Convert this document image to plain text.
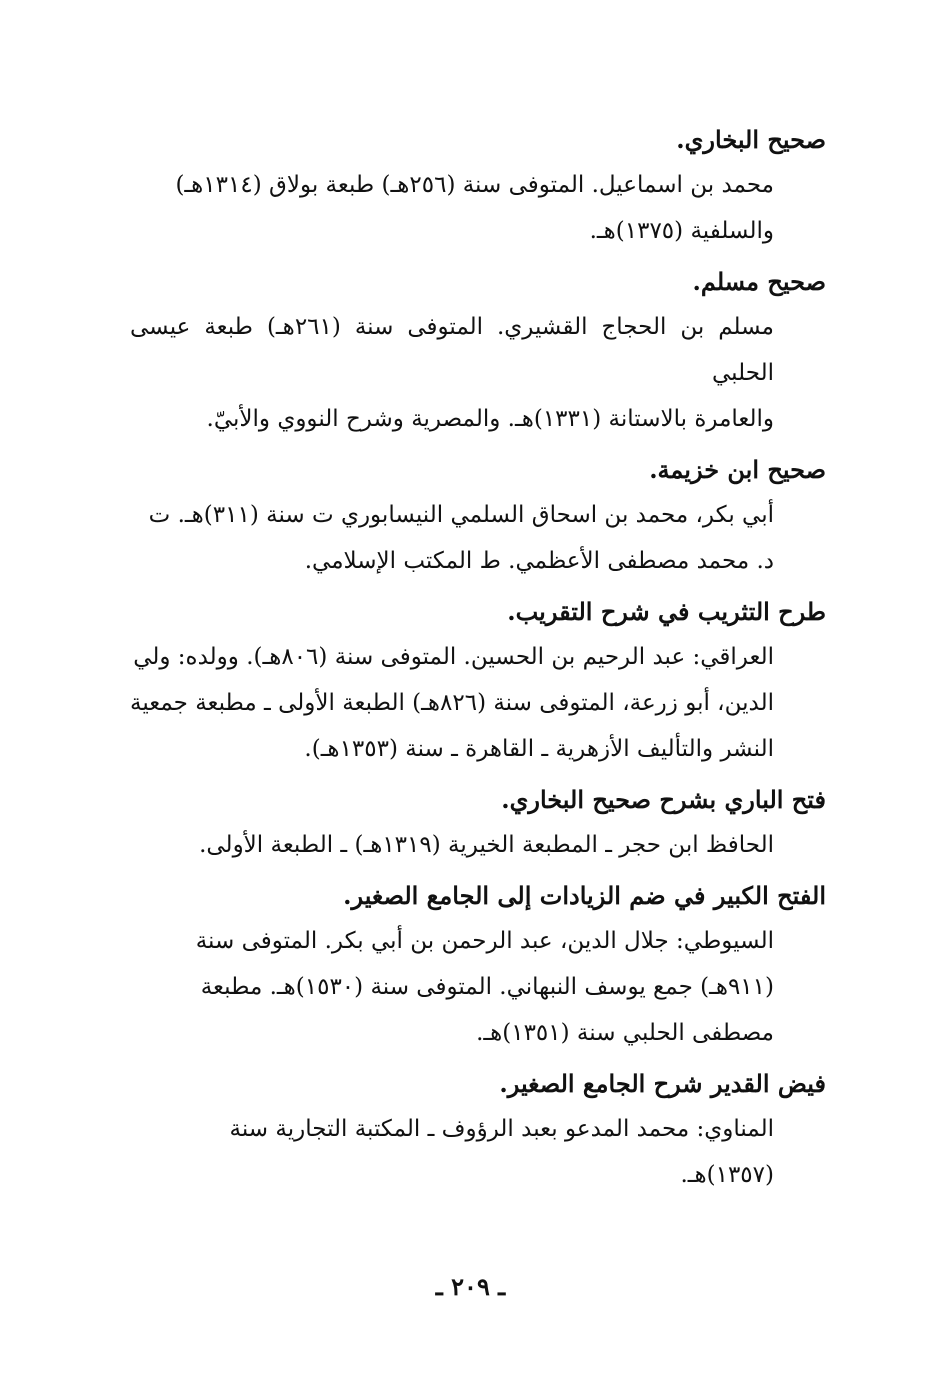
صحيح البخاري.
محمد بن اسماعيل. المتوفى سنة (٢٥٦هـ) طبعة بولاق (١٣١٤هـ)
والسلفية (١٣٧٥)هـ.
صحيح مسلم.
مسلم بن الحجاج القشيري. المتوفى سنة (٢٦١هـ) طبعة عيسى الحلبي
والعامرة بالاستانة (١٣٣١)هـ. والمصرية وشرح النووي والأبيّ.
صحيح ابن خزيمة.
أبي بكر، محمد بن اسحاق السلمي النيسابوري ت سنة (٣١١)هـ. ت
د. محمد مصطفى الأعظمي. ط المكتب الإسلامي.
طرح التثريب في شرح التقريب.
العراقي: عبد الرحيم بن الحسين. المتوفى سنة (٨٠٦هـ). وولده: ولي
الدين، أبو زرعة، المتوفى سنة (٨٢٦هـ) الطبعة الأولى ـ مطبعة جمعية
النشر والتأليف الأزهرية ـ القاهرة ـ سنة (١٣٥٣هـ).
فتح الباري بشرح صحيح البخاري.
الحافظ ابن حجر ـ المطبعة الخيرية (١٣١٩هـ) ـ الطبعة الأولى.
الفتح الكبير في ضم الزيادات إلى الجامع الصغير.
السيوطي: جلال الدين، عبد الرحمن بن أبي بكر. المتوفى سنة
(٩١١هـ) جمع يوسف النبهاني. المتوفى سنة (١٥٣٠)هـ. مطبعة
مصطفى الحلبي سنة (١٣٥١)هـ.
فيض القدير شرح الجامع الصغير.
المناوي: محمد المدعو بعبد الرؤوف ـ المكتبة التجارية سنة
(١٣٥٧)هـ.
ـ ٢٠٩ ـ
